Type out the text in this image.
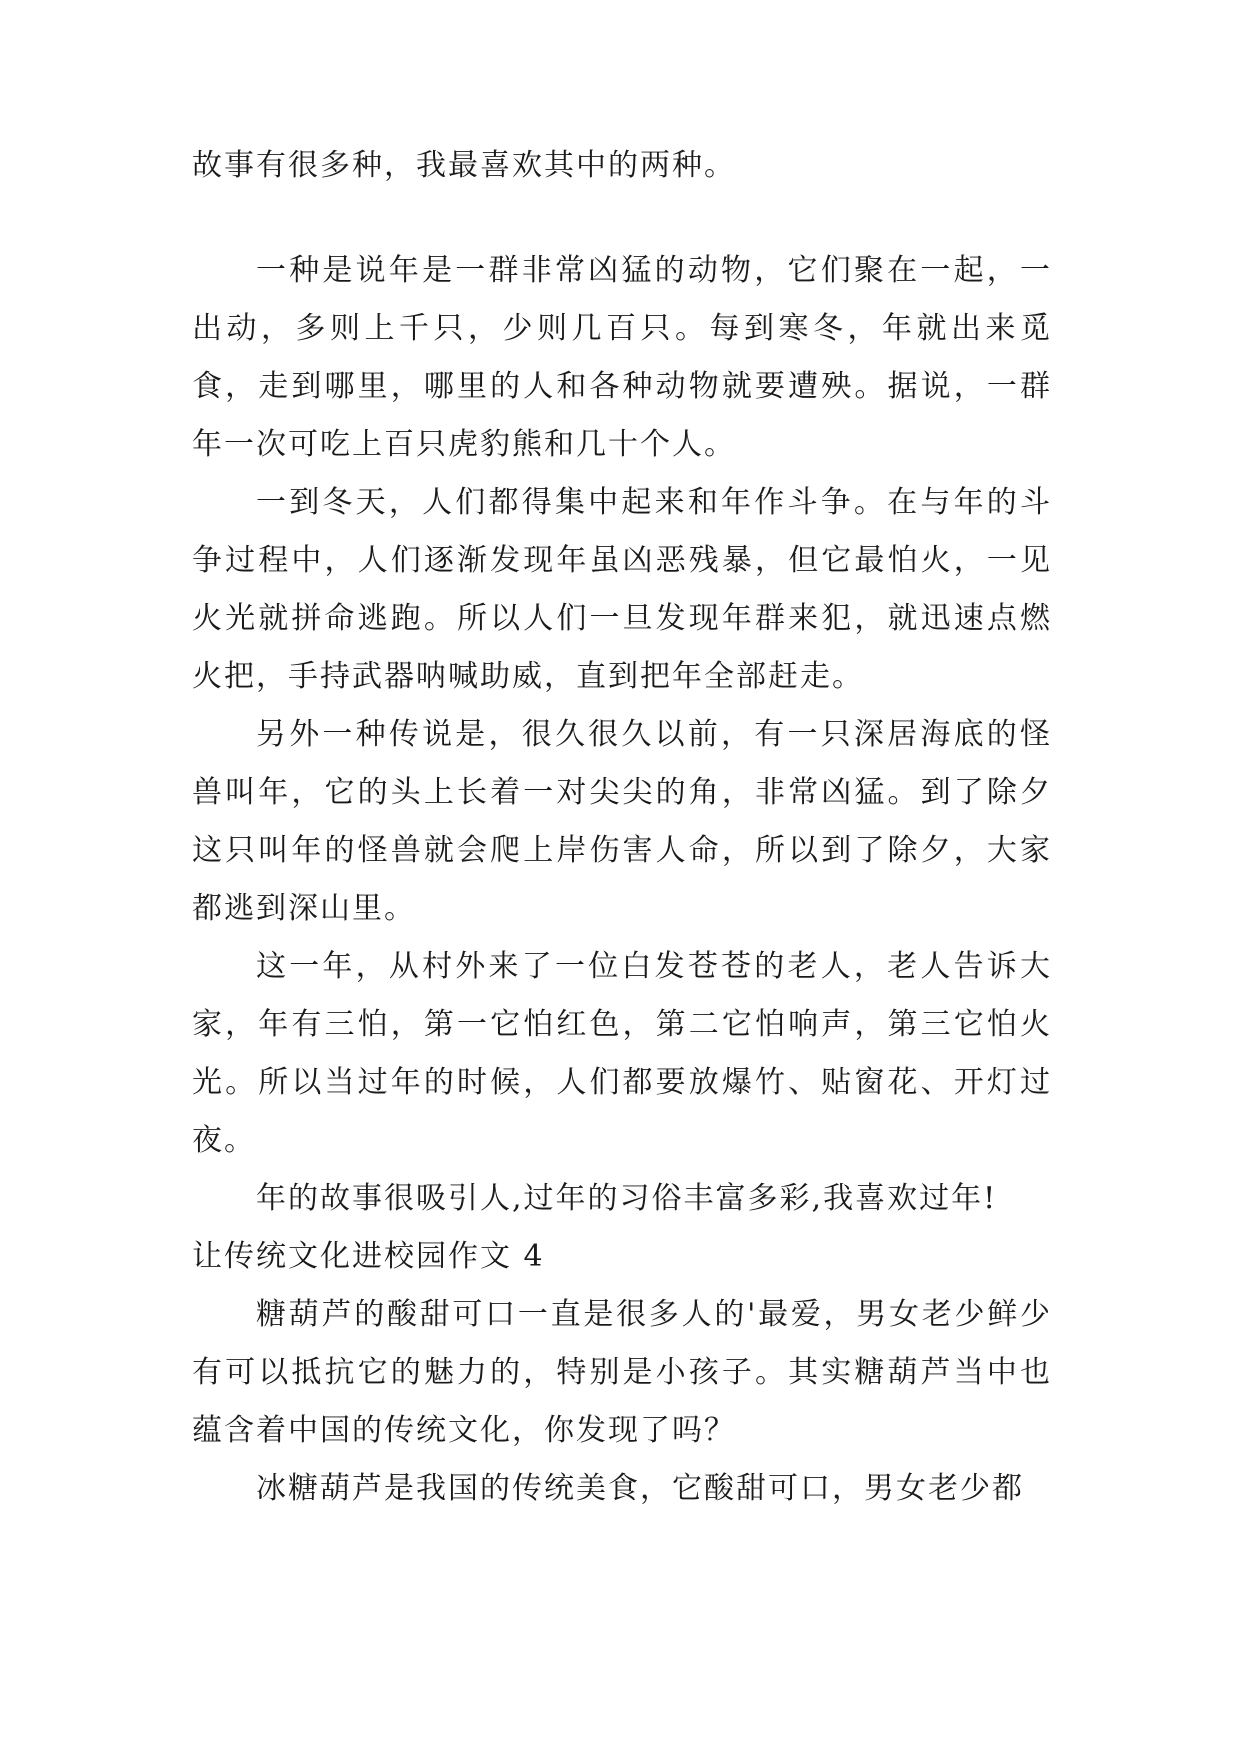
故事有很多种，我最喜欢其中的两种。

一种是说年是一群非常凶猛的动物，它们聚在一起，一出动，多则上千只，少则几百只。每到寒冬，年就出来觅食，走到哪里，哪里的人和各种动物就要遭殃。据说，一群年一次可吃上百只虎豹熊和几十个人。

一到冬天，人们都得集中起来和年作斗争。在与年的斗争过程中，人们逐渐发现年虽凶恶残暴，但它最怕火，一见火光就拼命逃跑。所以人们一旦发现年群来犯，就迅速点燃火把，手持武器呐喊助威，直到把年全部赶走。

另外一种传说是，很久很久以前，有一只深居海底的怪兽叫年，它的头上长着一对尖尖的角，非常凶猛。到了除夕这只叫年的怪兽就会爬上岸伤害人命，所以到了除夕，大家都逃到深山里。

这一年，从村外来了一位白发苍苍的老人，老人告诉大家，年有三怕，第一它怕红色，第二它怕响声，第三它怕火光。所以当过年的时候，人们都要放爆竹、贴窗花、开灯过夜。

年的故事很吸引人,过年的习俗丰富多彩,我喜欢过年!

让传统文化进校园作文 4

糖葫芦的酸甜可口一直是很多人的'最爱，男女老少鲜少有可以抵抗它的魅力的，特别是小孩子。其实糖葫芦当中也蕴含着中国的传统文化，你发现了吗？

冰糖葫芦是我国的传统美食，它酸甜可口，男女老少都
